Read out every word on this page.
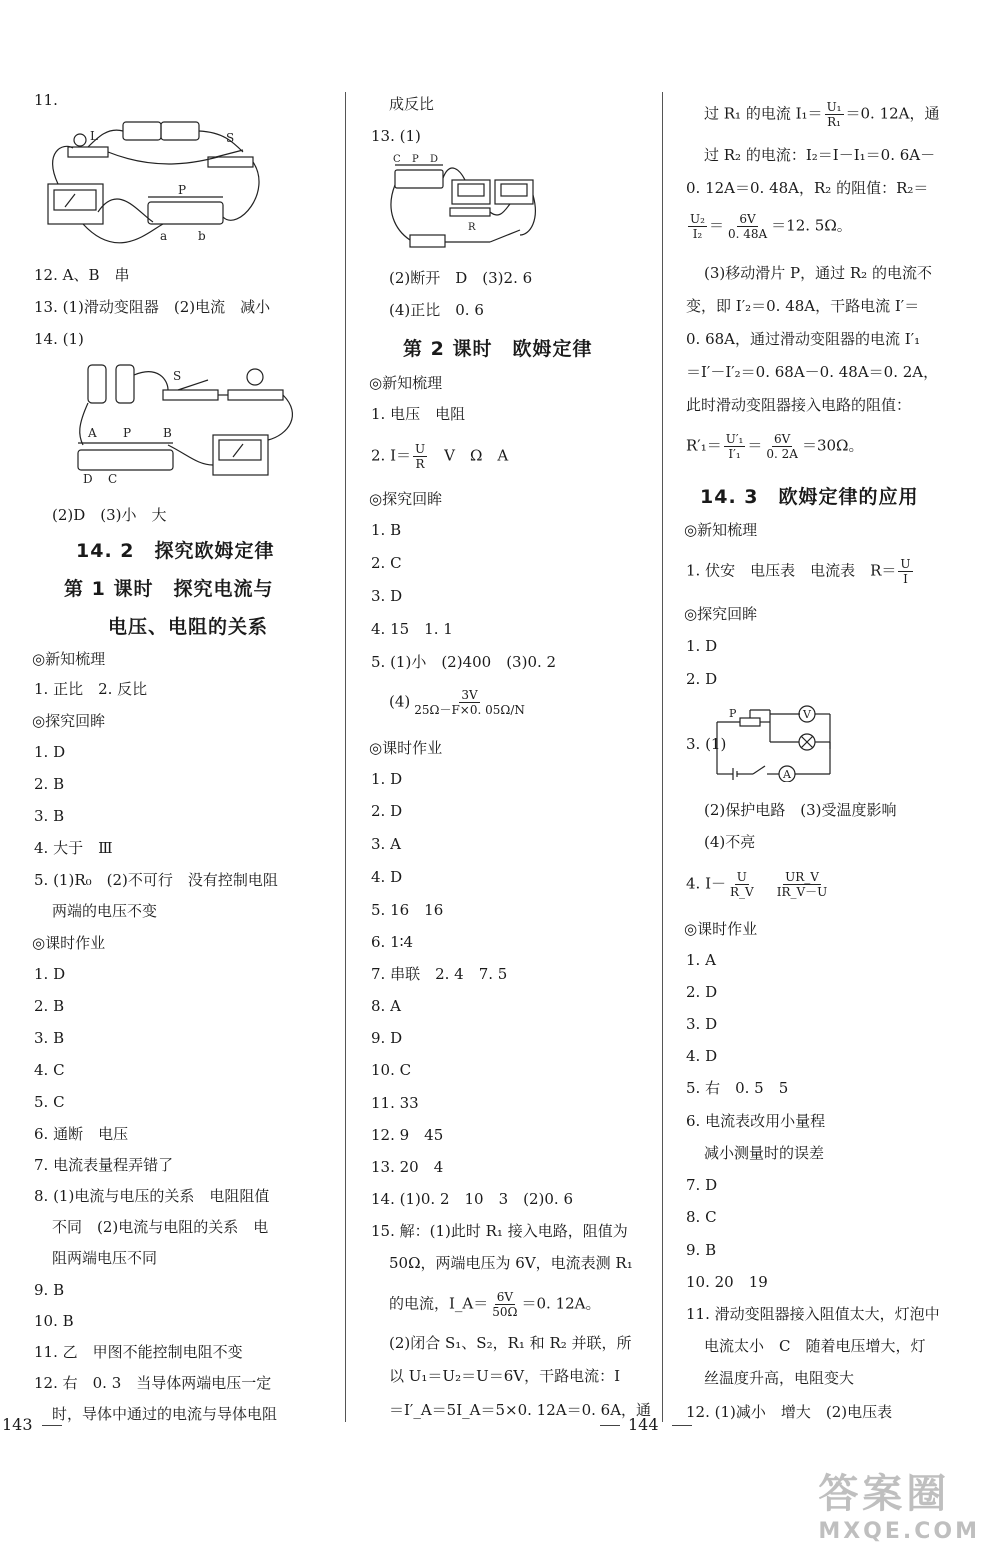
11.
L	S
P
a	b
12. A、B　串
13. (1)滑动变阻器　(2)电流　减小
14. (1)
S
A P	B
C
D
(2)D　(3)小　大
14. 2　探究欧姆定律
第 1 课时　探究电流与
电压、电阻的关系
◎新知梳理
1. 正比　2. 反比
◎探究回眸
1. D
2. B
3. B
4. 大于　Ⅲ
5. (1)R₀　(2)不可行　没有控制电阻
两端的电压不变
◎课时作业
1. D
2. B
3. B
4. C
5. C
6. 通断　电压
7. 电流表量程弄错了
8. (1)电流与电压的关系　电阻阻值
不同　(2)电流与电阻的关系　电
阻两端电压不同
9. B
10. B
11. 乙　甲图不能控制电阻不变
12. 右　0. 3　当导体两端电压一定
时，导体中通过的电流与导体电阻
成反比
13. (1)
C P D
R
(2)断开　D　(3)2. 6
(4)正比　0. 6
第 2 课时　欧姆定律
◎新知梳理
1. 电压　电阻
2. $I= \frac{U}{R}$ 　V　Ω　A
◎探究回眸
1. B
2. C
3. D
4. 15　1. 1
5. (1)小　(2)400　(3)0. 2
$(4) \frac{3V}{25\Omega-F\times 0. 05\Omega/N}$
◎课时作业
1. D
2. D
3. A
4. D
5. 16　16
6. 1∶4
7. 串联　2. 4　7. 5
8. A
9. D
10. C
11. 33
12. 9　45
13. 20　4
14. (1)0. 2　10　3　(2)0. 6
15. 解：(1)此时 R₁ 接入电路，阻值为
50Ω，两端电压为 6V，电流表测 R₁
的电流，I_A＝ $\frac{6V}{50\Omega} =0$. 12A。
(2)闭合 S₁、S₂，R₁ 和 R₂ 并联，所
以 U₁＝U₂＝U＝6V，干路电流：I
＝I′_A＝5I_A＝5×0. 12A＝0. 6A，通
过 R₁ 的电流 $I_1= \frac{\text{U₁}}{\text{R₁}} =0$. 12A，通
过 R₂ 的电流：I₂＝I－I₁＝0. 6A－
0. 12A＝0. 48A，R₂ 的阻值：R₂＝
$\frac{\text{U₂}}{\text{I₂}} = \frac{6V}{0. 48A} =12$. 5Ω。
(3)移动滑片 P，通过 R₂ 的电流不
变，即 I′₂＝0. 48A，干路电流 I′＝
0. 68A，通过滑动变阻器的电流 I′₁
＝I′－I′₂＝0. 68A－0. 48A＝0. 2A，
此时滑动变阻器接入电路的阻值：
$R'_1= \frac{\text{U′₁}}{\text{I′₁}} = \frac{6V}{0. 2A} =30\Omega$。
14. 3　欧姆定律的应用
◎新知梳理
1. 伏安　电压表　电流表　$R= \frac{U}{I}$
◎探究回眸
1. D
2. D
3. (1)
P	V
A
(2)保护电路　(3)受温度影响
(4)不亮
4. $I- \frac{U}{R\_V}$
　 $\frac{UR\_V}{IR\_V-U}$
◎课时作业
1. A
2. D
3. D
4. D
5. 右　0. 5　5
6. 电流表改用小量程
减小测量时的误差
7. D
8. C
9. B
10. 20　19
11. 滑动变阻器接入阻值太大，灯泡中
电流太小　C　随着电压增大，灯
丝温度升高，电阻变大
12. (1)减小　增大　(2)电压表
143	144
答案圈
MXQE.COM
